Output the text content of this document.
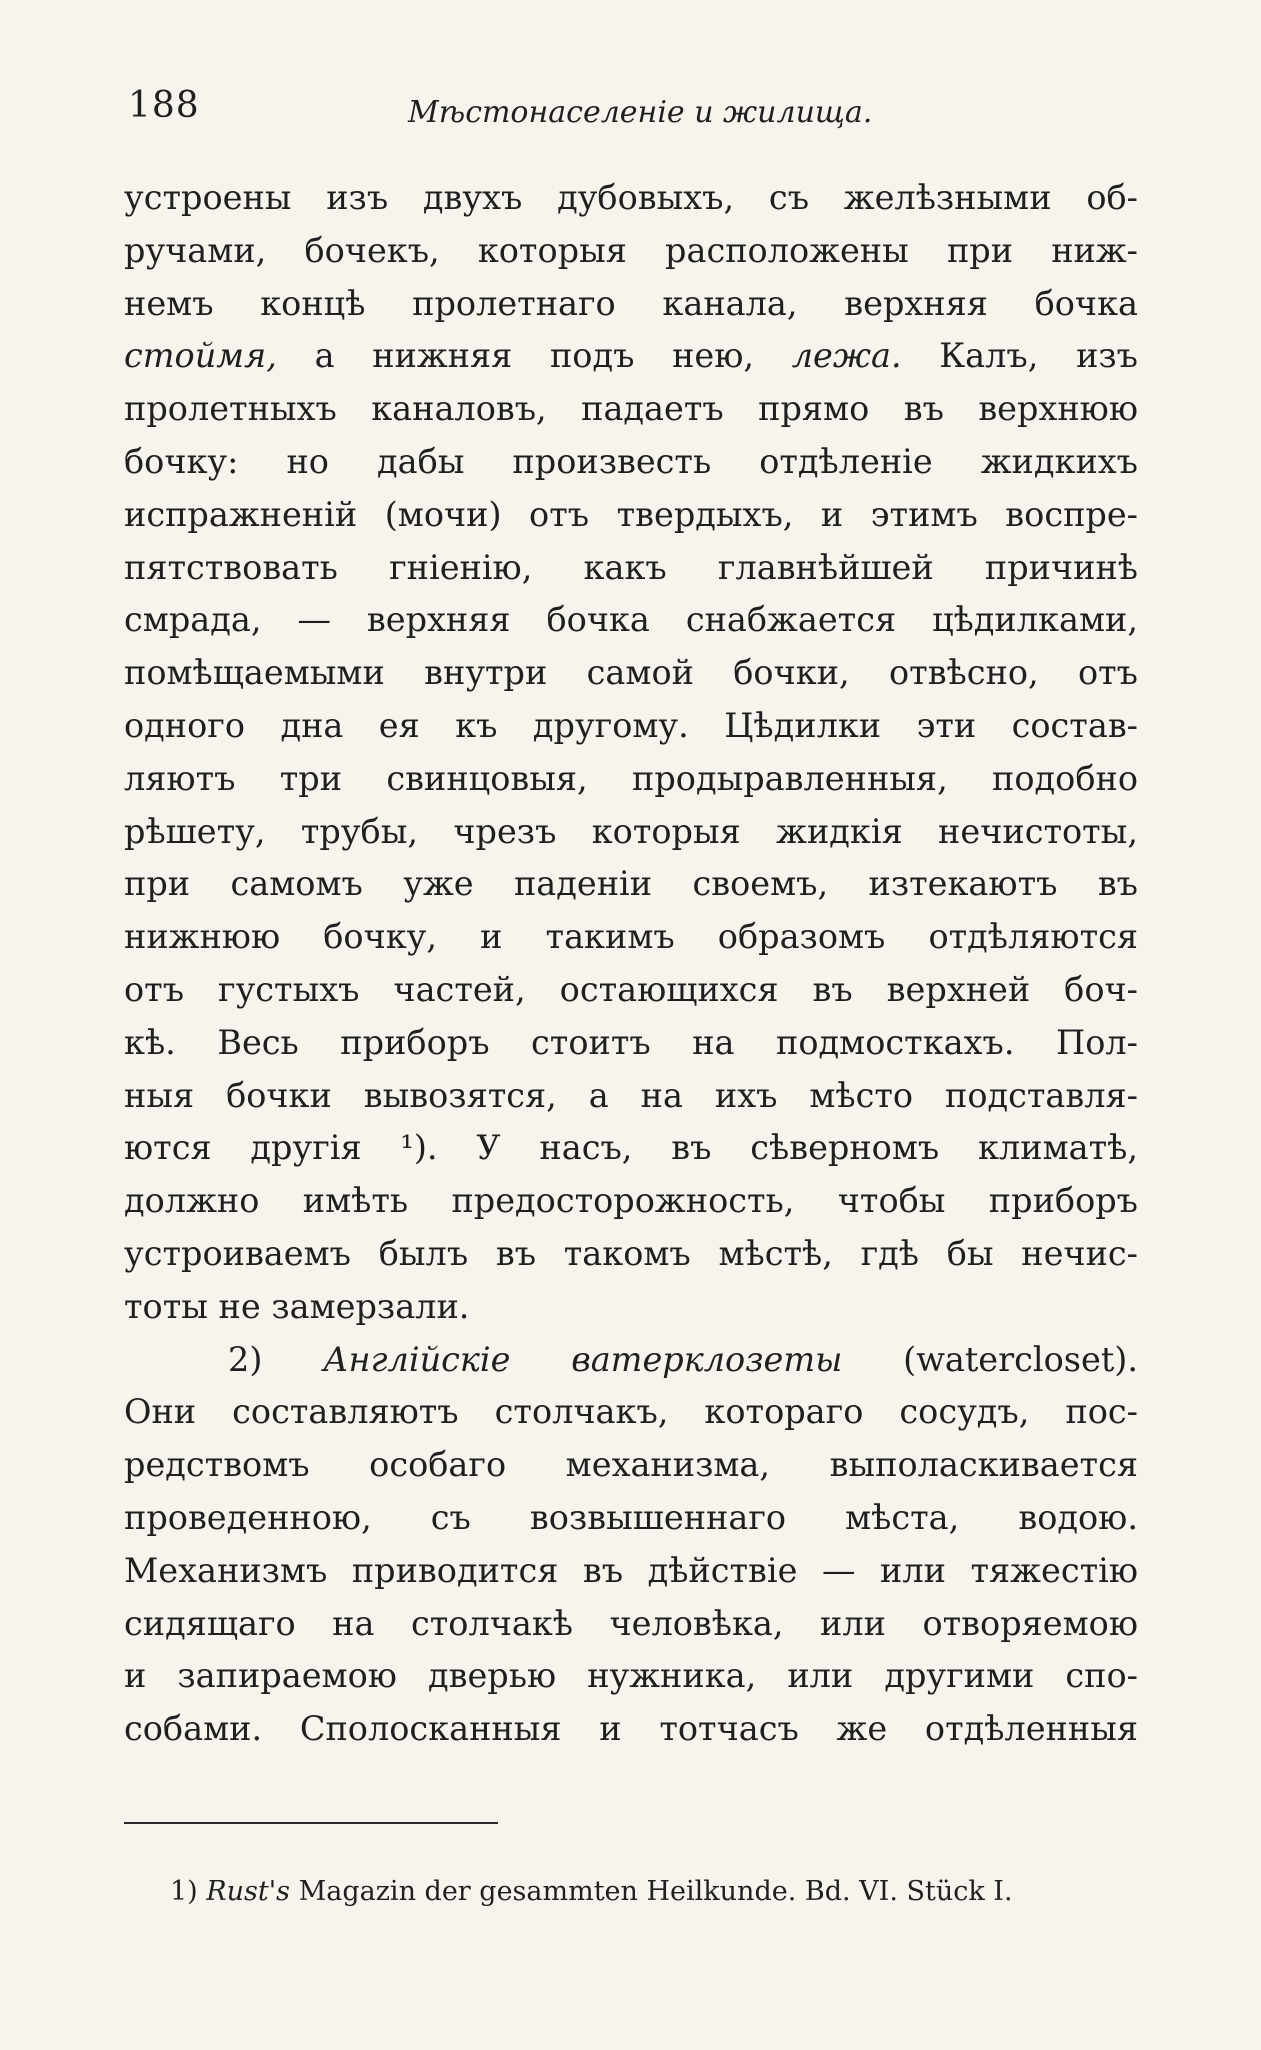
188	Мѣстонаселеніе и жилища.
устроены изъ двухъ дубовыхъ, съ желѣзными об-
ручами, бочекъ, которыя расположены при ниж-
немъ концѣ пролетнаго канала, верхняя бочка
стоймя, а нижняя подъ нею, лежа. Калъ, изъ
пролетныхъ каналовъ, падаетъ прямо въ верхнюю
бочку: но дабы произвесть отдѣленіе жидкихъ
испражненій (мочи) отъ твердыхъ, и этимъ воспре-
пятствовать гніенію, какъ главнѣйшей причинѣ
смрада, — верхняя бочка снабжается цѣдилками,
помѣщаемыми внутри самой бочки, отвѣсно, отъ
одного дна ея къ другому. Цѣдилки эти состав-
ляютъ три свинцовыя, продыравленныя, подобно
рѣшету, трубы, чрезъ которыя жидкія нечистоты,
при самомъ уже паденіи своемъ, изтекаютъ въ
нижнюю бочку, и такимъ образомъ отдѣляются
отъ густыхъ частей, остающихся въ верхней боч-
кѣ. Весь приборъ стоитъ на подмосткахъ. Пол-
ныя бочки вывозятся, а на ихъ мѣсто подставля-
ются другія ¹). У насъ, въ сѣверномъ климатѣ,
должно имѣть предосторожность, чтобы приборъ
устроиваемъ былъ въ такомъ мѣстѣ, гдѣ бы нечис-
тоты не замерзали.
2) Англійскіе ватерклозеты (watercloset).
Они составляютъ столчакъ, котораго сосудъ, пос-
редствомъ особаго механизма, выполаскивается
проведенною, съ возвышеннаго мѣста, водою.
Механизмъ приводится въ дѣйствіе — или тяжестію
сидящаго на столчакѣ человѣка, или отворяемою
и запираемою дверью нужника, или другими спо-
собами. Сполосканныя и тотчасъ же отдѣленныя
1) Rust's Magazin der gesammten Heilkunde. Bd. VI. Stück I.
